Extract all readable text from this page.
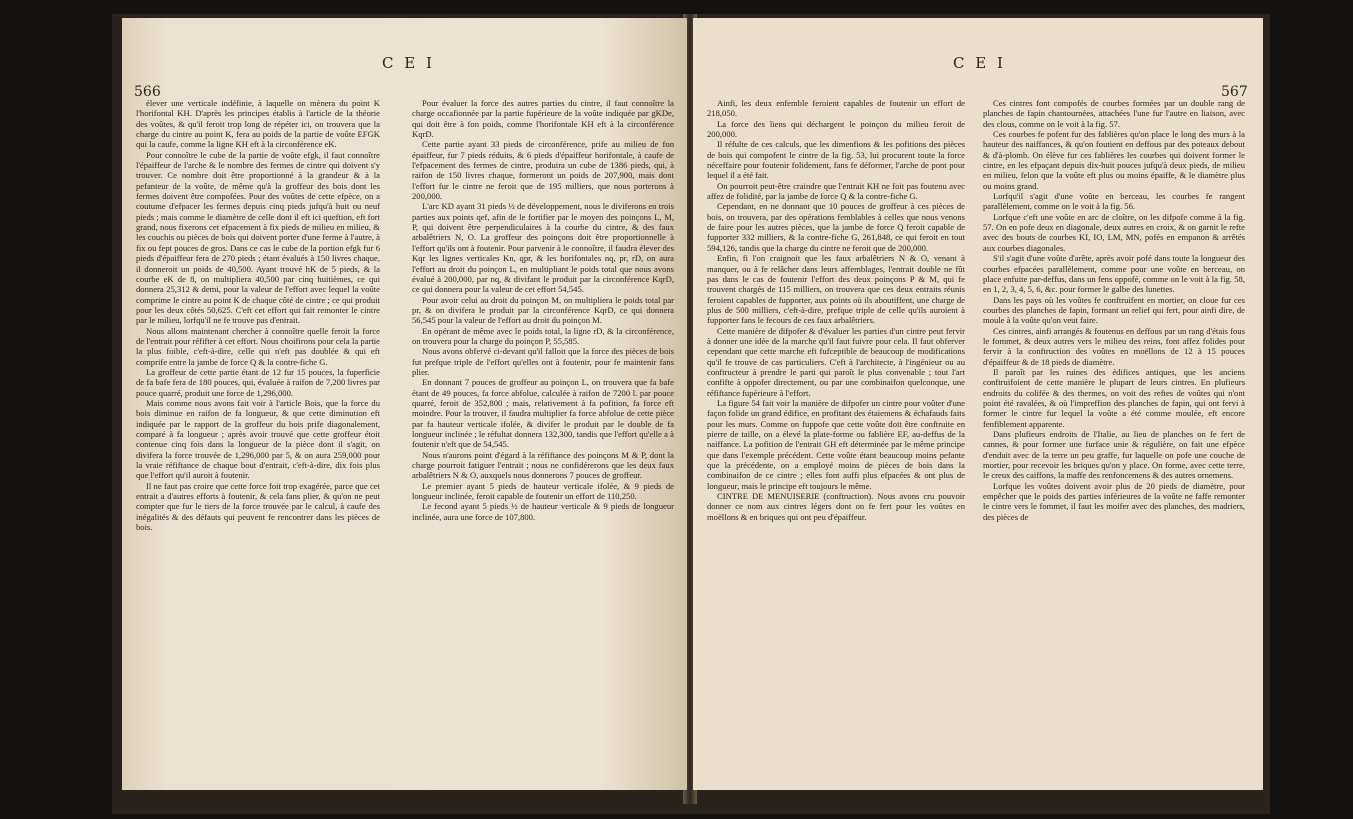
566
C E I

élever une verticale indéfinie, à laquelle on mènera du point K l'horifontal KH. D'après les principes établis à l'article de la théorie des voûtes, & qu'il feroit trop long de répéter ici, on trouvera que la charge du cintre au point K, fera au poids de la partie de voûte EFGK qui la caufe, comme la ligne KH eft à la circonférence eK.

Pour connoître le cube de la partie de voûte efgk, il faut connoître l'épaiffeur de l'arche & le nombre des fermes de cintre qui doivent s'y trouver. Ce nombre doit être proportionné à la grandeur & à la pefanteur de la voûte, de même qu'à la groffeur des bois dont les fermes doivent être compofées. Pour des voûtes de cette efpèce, on a coutume d'efpacer les fermes depuis cinq pieds jufqu'à huit ou neuf pieds ; mais comme le diamètre de celle dont il eft ici queftion, eft fort grand, nous fixerons cet efpacement à fix pieds de milieu en milieu, & les couchis ou pièces de bois qui doivent porter d'une ferme à l'autre, à fix ou fept pouces de gros. Dans ce cas le cube de la portion efgk fur 6 pieds d'épaiffeur fera de 270 pieds ; étant évalués à 150 livres chaque, il donneroit un poids de 40,500. Ayant trouvé hK de 5 pieds, & la courbe eK de 8, on multipliera 40,500 par cinq huitièmes, ce qui donnera 25,312 & demi, pour la valeur de l'effort avec lequel la voûte comprime le cintre au point K de chaque côté de cintre ; ce qui produit pour les deux côtés 50,625. C'eft cet effort qui fait remonter le cintre par le milieu, lorfqu'il ne fe trouve pas d'entrait.

Nous allons maintenant chercher à connoître quelle feroit la force de l'entrait pour réfifter à cet effort. Nous choifirons pour cela la partie la plus foible, c'eft-à-dire, celle qui n'eft pas doublée & qui eft comprife entre la jambe de force Q & la contre-fiche G.

La groffeur de cette partie étant de 12 fur 15 pouces, la fuperficie de fa bafe fera de 180 pouces, qui, évaluée à raifon de 7,200 livres par pouce quarré, produit une force de 1,296,000.

Mais comme nous avons fait voir à l'article Bois, que la force du bois diminue en raifon de fa longueur, & que cette diminution eft indiquée par le rapport de la groffeur du bois prife diagonalement, comparé à fa longueur ; après avoir trouvé que cette groffeur étoit contenue cinq fois dans la longueur de la pièce dont il s'agit, on divifera la force trouvée de 1,296,000 par 5, & on aura 259,000 pour la vraie réfiftance de chaque bout d'entrait, c'eft-à-dire, dix fois plus que l'effort qu'il auroit à foutenir.

Il ne faut pas croire que cette force foit trop exagérée, parce que cet entrait a d'autres efforts à foutenir, & cela fans plier, & qu'on ne peut compter que fur le tiers de la force trouvée par le calcul, à caufe des inégalités & des défauts qui peuvent fe rencontrer dans les pièces de bois.

Pour évaluer la force des autres parties du cintre, il faut connoître la charge occafionnée par la partie fupérieure de la voûte indiquée par gKDe, qui doit être à fon poids, comme l'horifontale KH eft à la circonférence KqrD.

Cette partie ayant 33 pieds de circonférence, prife au milieu de fon épaiffeur, fur 7 pieds réduits, & 6 pieds d'épaiffeur horifontale, à caufe de l'efpacement des fermes de cintre, produira un cube de 1386 pieds, qui, à raifon de 150 livres chaque, formeront un poids de 207,900, mais dont l'effort fur le cintre ne feroit que de 195 milliers, que nous porterons à 200,000.

L'arc KD ayant 31 pieds ½ de développement, nous le diviferons en trois parties aux points qef, afin de le fortifier par le moyen des poinçons L, M, P, qui doivent être perpendiculaires à la courbe du cintre, & des faux arbalêtriers N, O. La groffeur des poinçons doit être proportionnelle à l'effort qu'ils ont à foutenir. Pour parvenir à le connoître, il faudra élever des Kqr les lignes verticales Kn, qpr, & les horifontales nq, pr, rD, on aura l'effort au droit du poinçon L, en multipliant le poids total que nous avons évalué à 200,000, par nq, & divifant le produit par la circonférence KqrD, ce qui donnera pour la valeur de cet effort 54,545.

Pour avoir celui au droit du poinçon M, on multipliera le poids total par pr, & on divifera le produit par la circonférence KqrD, ce qui donnera 56,545 pour la valeur de l'effort au droit du poinçon M.

En opérant de même avec le poids total, la ligne rD, & la circonférence, on trouvera pour la charge du poinçon P, 55,585.

Nous avons obfervé ci-devant qu'il falloit que la force des pièces de bois fut prefque triple de l'effort qu'elles ont à foutenir, pour fe maintenir fans plier.

En donnant 7 pouces de groffeur au poinçon L, on trouvera que fa bafe étant de 49 pouces, fa force abfolue, calculée à raifon de 7200 l. par pouce quarré, feroit de 352,800 ; mais, relativement à fa pofition, fa force eft moindre. Pour la trouver, il faudra multiplier fa force abfolue de cette pièce par fa hauteur verticale ifolée, & divifer le produit par le double de fa longueur inclinée ; le réfultat donnera 132,300, tandis que l'effort qu'elle a à foutenir n'eft que de 54,545.

Nous n'aurons point d'égard à la réfiftance des poinçons M & P, dont la charge pourroit fatiguer l'entrait ; nous ne confidérerons que les deux faux arbalêtriers N & O, auxquels nous donnerons 7 pouces de groffeur.

Le premier ayant 5 pieds de hauteur verticale ifolée, & 9 pieds de longueur inclinée, feroit capable de foutenir un effort de 110,250.

Le fecond ayant 5 pieds ½ de hauteur verticale & 9 pieds de longueur inclinée, aura une force de 107,800.

C E I
567

Ainfi, les deux enfemble feroient capables de foutenir un effort de 218,050.

La force des liens qui déchargent le poinçon du milieu feroit de 200,000.

Il réfulte de ces calculs, que les dimenfions & les pofitions des pièces de bois qui compofent le cintre de la fig. 53, lui procurent toute la force néceffaire pour foutenir folidement, fans fe déformer, l'arche de pont pour lequel il a été fait.

On pourroit peut-être craindre que l'entrait KH ne foit pas foutenu avec affez de folidité, par la jambe de force Q & la contre-fiche G.

Cependant, en ne donnant que 10 pouces de groffeur à ces pièces de bois, on trouvera, par des opérations femblables à celles que nous venons de faire pour les autres pièces, que la jambe de force Q feroit capable de fupporter 332 milliers, & la contre-fiche G, 261,848, ce qui feroit en tout 594,126, tandis que la charge du cintre ne feroit que de 200,000.

Enfin, fi l'on craignoit que les faux arbalêtriers N & O, venant à manquer, ou à fe relâcher dans leurs affemblages, l'entrait double ne fût pas dans le cas de foutenir l'effort des deux poinçons P & M, qui fe trouvent chargés de 115 milliers, on trouvera que ces deux entraits réunis feroient capables de fupporter, aux points où ils aboutiffent, une charge de plus de 500 milliers, c'eft-à-dire, prefque triple de celle qu'ils auroient à fupporter fans le fecours de ces faux arbalêtriers.

Cette manière de difpofer & d'évaluer les parties d'un cintre peut fervir à donner une idée de la marche qu'il faut fuivre pour cela. Il faut obferver cependant que cette marche eft fufceptible de beaucoup de modifications qu'il fe trouve de cas particuliers. C'eft à l'architecte, à l'ingénieur ou au conftructeur à prendre le parti qui paroît le plus convenable ; tout l'art confifte à oppofer directement, ou par une combinaifon quelconque, une réfiftance fupérieure à l'effort.

La figure 54 fait voir la manière de difpofer un cintre pour voûter d'une façon folide un grand édifice, en profitant des étaiemens & échafauds faits pour les murs. Comme on fuppofe que cette voûte doit être conftruite en pierre de taille, on a élevé la plate-forme ou fablière EF, au-deffus de la naiffance. La pofition de l'entrait GH eft déterminée par le même principe que dans l'exemple précédent. Cette voûte étant beaucoup moins pefante que la précédente, on a employé moins de pièces de bois dans la combinaifon de ce cintre ; elles font auffi plus efpacées & ont plus de longueur, mais le principe eft toujours le même.

CINTRE DE MENUISERIE (conftruction). Nous avons cru pouvoir donner ce nom aux cintres légers dont on fe fert pour les voûtes en moëllons & en briques qui ont peu d'épaiffeur.

Ces cintres font compofés de courbes formées par un double rang de planches de fapin chantournées, attachées l'une fur l'autre en liaison, avec des clous, comme on le voit à la fig. 57.

Ces courbes fe pofent fur des fablières qu'on place le long des murs à la hauteur des naiffances, & qu'on foutient en deffous par des poteaux debout & d'à-plomb. On élève fur ces fablières les courbes qui doivent former le cintre, en les efpaçant depuis dix-huit pouces jufqu'à deux pieds, de milieu en milieu, felon que la voûte eft plus ou moins épaiffe, & le diamètre plus ou moins grand.

Lorfqu'il s'agit d'une voûte en berceau, les courbes fe rangent parallèlement, comme on le voit à la fig. 56.

Lorfque c'eft une voûte en arc de cloître, on les difpofe comme à la fig. 57. On en pofe deux en diagonale, deux autres en croix, & on garnit le refte avec des bouts de courbes KI, IO, LM, MN, pofés en empanon & arrêtés aux courbes diagonales.

S'il s'agit d'une voûte d'arête, après avoir pofé dans toute la longueur des courbes efpacées parallèlement, comme pour une voûte en berceau, on place enfuite par-deffus, dans un fens oppofé, comme on le voit à la fig. 58, en 1, 2, 3, 4, 5, 6, &c. pour former le galbe des lunettes.

Dans les pays où les voûtes fe conftruifent en mortier, on cloue fur ces courbes des planches de fapin, formant un relief qui fert, pour ainfi dire, de moule à la voûte qu'on veut faire.

Ces cintres, ainfi arrangés & foutenus en deffous par un rang d'étais fous le fommet, & deux autres vers le milieu des reins, font affez folides pour fervir à la conftruction des voûtes en moëllons de 12 à 15 pouces d'épaiffeur & de 18 pieds de diamètre.

Il paroît par les ruines des édifices antiques, que les anciens conftruifoient de cette manière le plupart de leurs cintres. En plufieurs endroits du colifée & des thermes, on voit des reftes de voûtes qui n'ont point été ravalées, & où l'impreffion des planches de fapin, qui ont fervi à former le cintre fur lequel la voûte a été comme moulée, eft encore fenfiblement apparente.

Dans plufieurs endroits de l'Italie, au lieu de planches on fe fert de cannes, & pour former une furface unie & régulière, on fait une efpèce d'enduit avec de la terre un peu graffe, fur laquelle on pofe une couche de mortier, pour recevoir les briques qu'on y place. On forme, avec cette terre, le creux des caiffons, la maffe des renfoncemens & des autres ornemens.

Lorfque les voûtes doivent avoir plus de 20 pieds de diamètre, pour empêcher que le poids des parties inférieures de la voûte ne faffe remonter le cintre vers le fommet, il faut les moifer avec des planches, des madriers, des pièces de
